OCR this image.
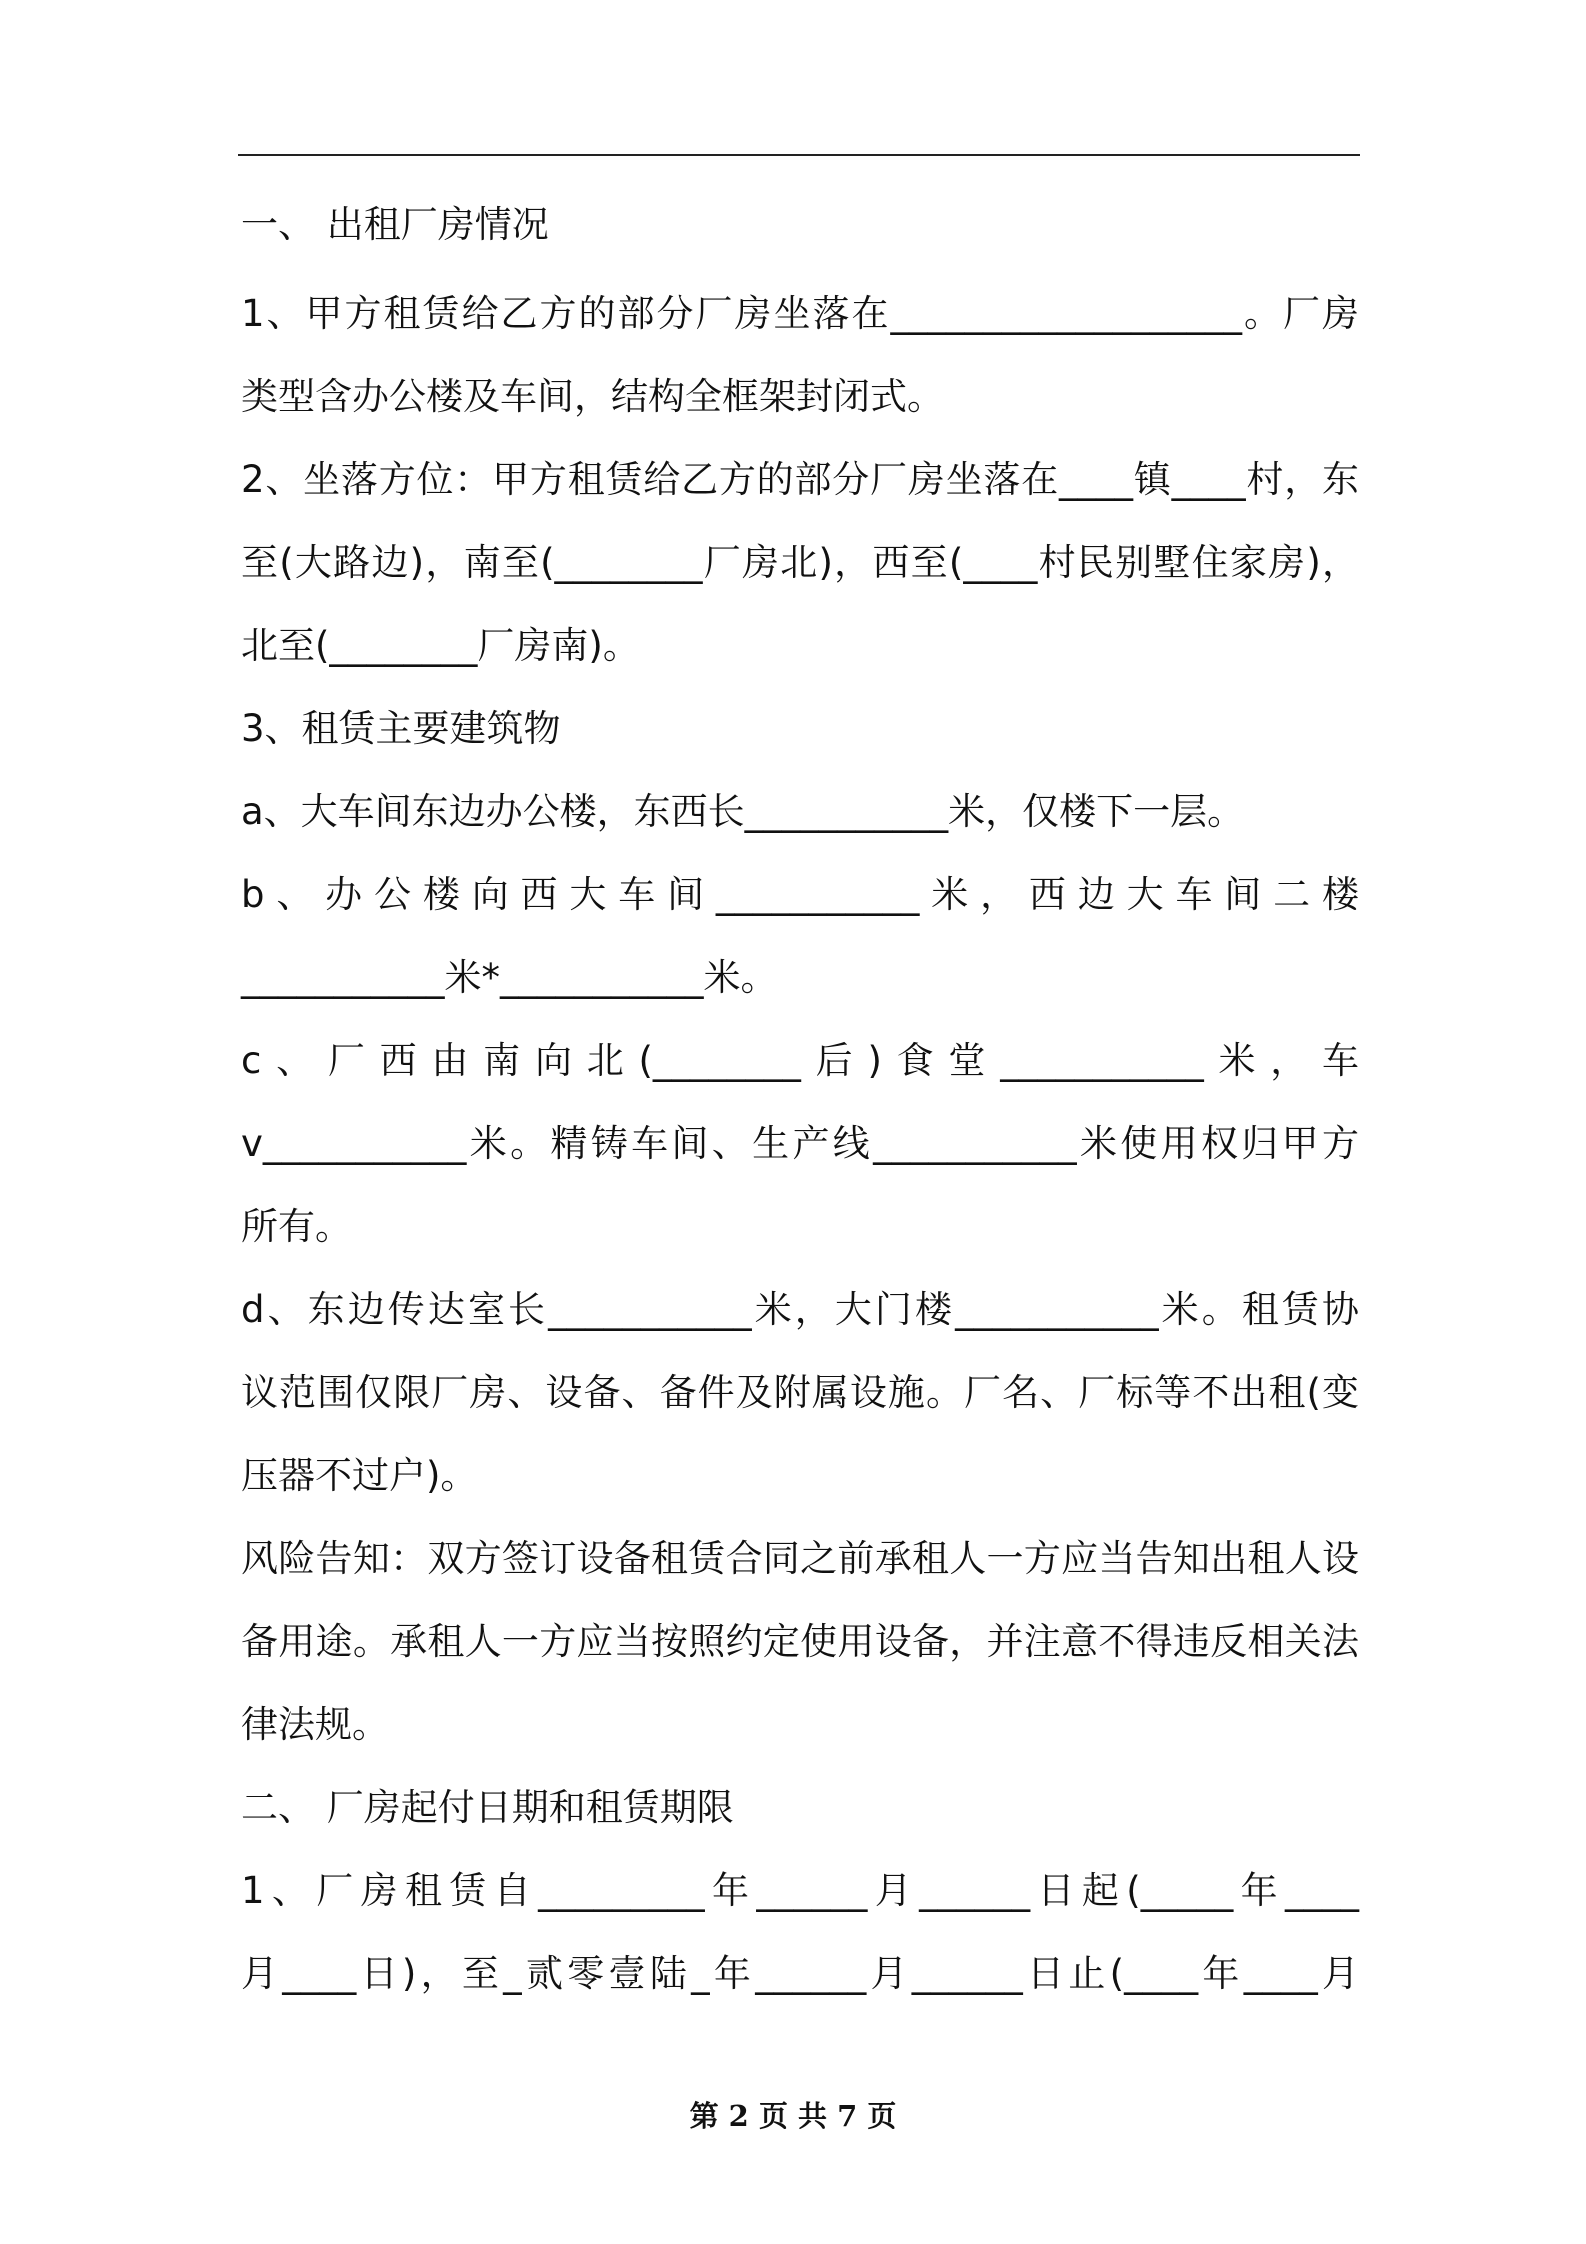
一、 出租厂房情况
1、甲方租赁给乙方的部分厂房坐落在___________________。厂房
类型含办公楼及车间，结构全框架封闭式。
2、坐落方位：甲方租赁给乙方的部分厂房坐落在____镇____村，东
至(大路边)，南至(________厂房北)，西至(____村民别墅住家房)，
北至(________厂房南)。
3、租赁主要建筑物
a、大车间东边办公楼，东西长___________米，仅楼下一层。
b、办公楼向西大车间___________米，西边大车间二楼
___________米*___________米。
c、厂西由南向北(________后)食堂___________米，车
v___________米。精铸车间、生产线___________米使用权归甲方
所有。
d、东边传达室长___________米，大门楼___________米。租赁协
议范围仅限厂房、设备、备件及附属设施。厂名、厂标等不出租(变
压器不过户)。
风险告知：双方签订设备租赁合同之前承租人一方应当告知出租人设
备用途。承租人一方应当按照约定使用设备，并注意不得违反相关法
律法规。
二、 厂房起付日期和租赁期限
1、厂房租赁自_________年______月______日起(_____年____
月____日)，至_贰零壹陆_年______月______日止(____年____月
第 2 页 共 7 页
